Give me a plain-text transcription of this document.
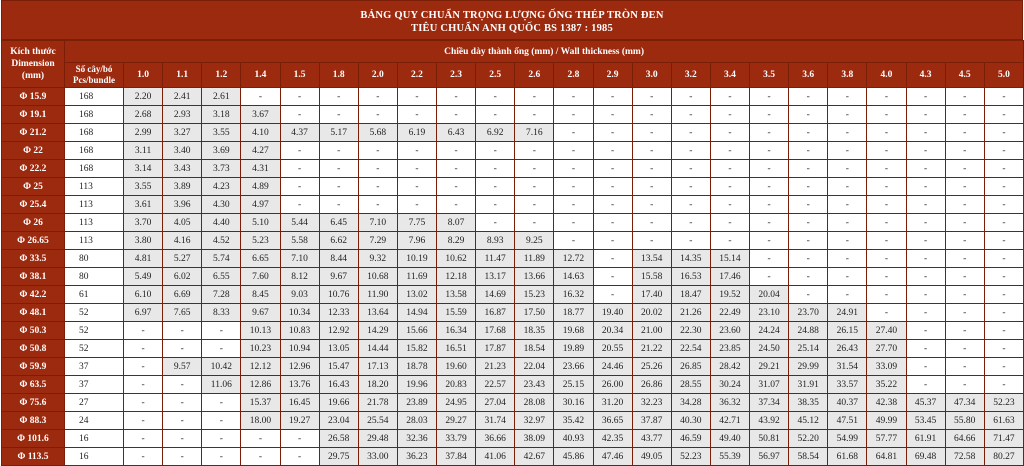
BẢNG QUY CHUẨN TRỌNG LƯỢNG ỐNG THÉP TRÒN ĐEN
TIÊU CHUẨN ANH QUỐC BS 1387 : 1985
Kích thước Dimension (mm)	Chiều dày thành ống (mm) / Wall thickness (mm)																							
	Số cây/bó Pcs/bundle	1.0	1.1	1.2	1.4	1.5	1.8	2.0	2.2	2.3	2.5	2.6	2.8	2.9	3.0	3.2	3.4	3.5	3.6	3.8	4.0	4.3	4.5	5.0
Φ 15.9	168	2.20	2.41	2.61	-	-	-	-	-	-	-	-	-	-	-	-	-	-	-	-	-	-	-	-
Φ 19.1	168	2.68	2.93	3.18	3.67	-	-	-	-	-	-	-	-	-	-	-	-	-	-	-	-	-	-	-
Φ 21.2	168	2.99	3.27	3.55	4.10	4.37	5.17	5.68	6.19	6.43	6.92	7.16	-	-	-	-	-	-	-	-	-	-	-	-
Φ 22	168	3.11	3.40	3.69	4.27	-	-	-	-	-	-	-	-	-	-	-	-	-	-	-	-	-	-	-
Φ 22.2	168	3.14	3.43	3.73	4.31	-	-	-	-	-	-	-	-	-	-	-	-	-	-	-	-	-	-	-
Φ 25	113	3.55	3.89	4.23	4.89	-	-	-	-	-	-	-	-	-	-	-	-	-	-	-	-	-	-	-
Φ 25.4	113	3.61	3.96	4.30	4.97	-	-	-	-	-	-	-	-	-	-	-	-	-	-	-	-	-	-	-
Φ 26	113	3.70	4.05	4.40	5.10	5.44	6.45	7.10	7.75	8.07	-	-	-	-	-	-	-	-	-	-	-	-	-	-
Φ 26.65	113	3.80	4.16	4.52	5.23	5.58	6.62	7.29	7.96	8.29	8.93	9.25	-	-	-	-	-	-	-	-	-	-	-	-
Φ 33.5	80	4.81	5.27	5.74	6.65	7.10	8.44	9.32	10.19	10.62	11.47	11.89	12.72	-	13.54	14.35	15.14	-	-	-	-	-	-	-
Φ 38.1	80	5.49	6.02	6.55	7.60	8.12	9.67	10.68	11.69	12.18	13.17	13.66	14.63	-	15.58	16.53	17.46	-	-	-	-	-	-	-
Φ 42.2	61	6.10	6.69	7.28	8.45	9.03	10.76	11.90	13.02	13.58	14.69	15.23	16.32	-	17.40	18.47	19.52	20.04	-	-	-	-	-	-
Φ 48.1	52	6.97	7.65	8.33	9.67	10.34	12.33	13.64	14.94	15.59	16.87	17.50	18.77	19.40	20.02	21.26	22.49	23.10	23.70	24.91	-	-	-	-
Φ 50.3	52	-	-	-	10.13	10.83	12.92	14.29	15.66	16.34	17.68	18.35	19.68	20.34	21.00	22.30	23.60	24.24	24.88	26.15	27.40	-	-	-
Φ 50.8	52	-	-	-	10.23	10.94	13.05	14.44	15.82	16.51	17.87	18.54	19.89	20.55	21.22	22.54	23.85	24.50	25.14	26.43	27.70	-	-	-
Φ 59.9	37	-	9.57	10.42	12.12	12.96	15.47	17.13	18.78	19.60	21.23	22.04	23.66	24.46	25.26	26.85	28.42	29.21	29.99	31.54	33.09	-	-	-
Φ 63.5	37	-	-	11.06	12.86	13.76	16.43	18.20	19.96	20.83	22.57	23.43	25.15	26.00	26.86	28.55	30.24	31.07	31.91	33.57	35.22	-	-	-
Φ 75.6	27	-	-	-	15.37	16.45	19.66	21.78	23.89	24.95	27.04	28.08	30.16	31.20	32.23	34.28	36.32	37.34	38.35	40.37	42.38	45.37	47.34	52.23
Φ 88.3	24	-	-	-	18.00	19.27	23.04	25.54	28.03	29.27	31.74	32.97	35.42	36.65	37.87	40.30	42.71	43.92	45.12	47.51	49.99	53.45	55.80	61.63
Φ 101.6	16	-	-	-	-	-	26.58	29.48	32.36	33.79	36.66	38.09	40.93	42.35	43.77	46.59	49.40	50.81	52.20	54.99	57.77	61.91	64.66	71.47
Φ 113.5	16	-	-	-	-	-	29.75	33.00	36.23	37.84	41.06	42.67	45.86	47.46	49.05	52.23	55.39	56.97	58.54	61.68	64.81	69.48	72.58	80.27
